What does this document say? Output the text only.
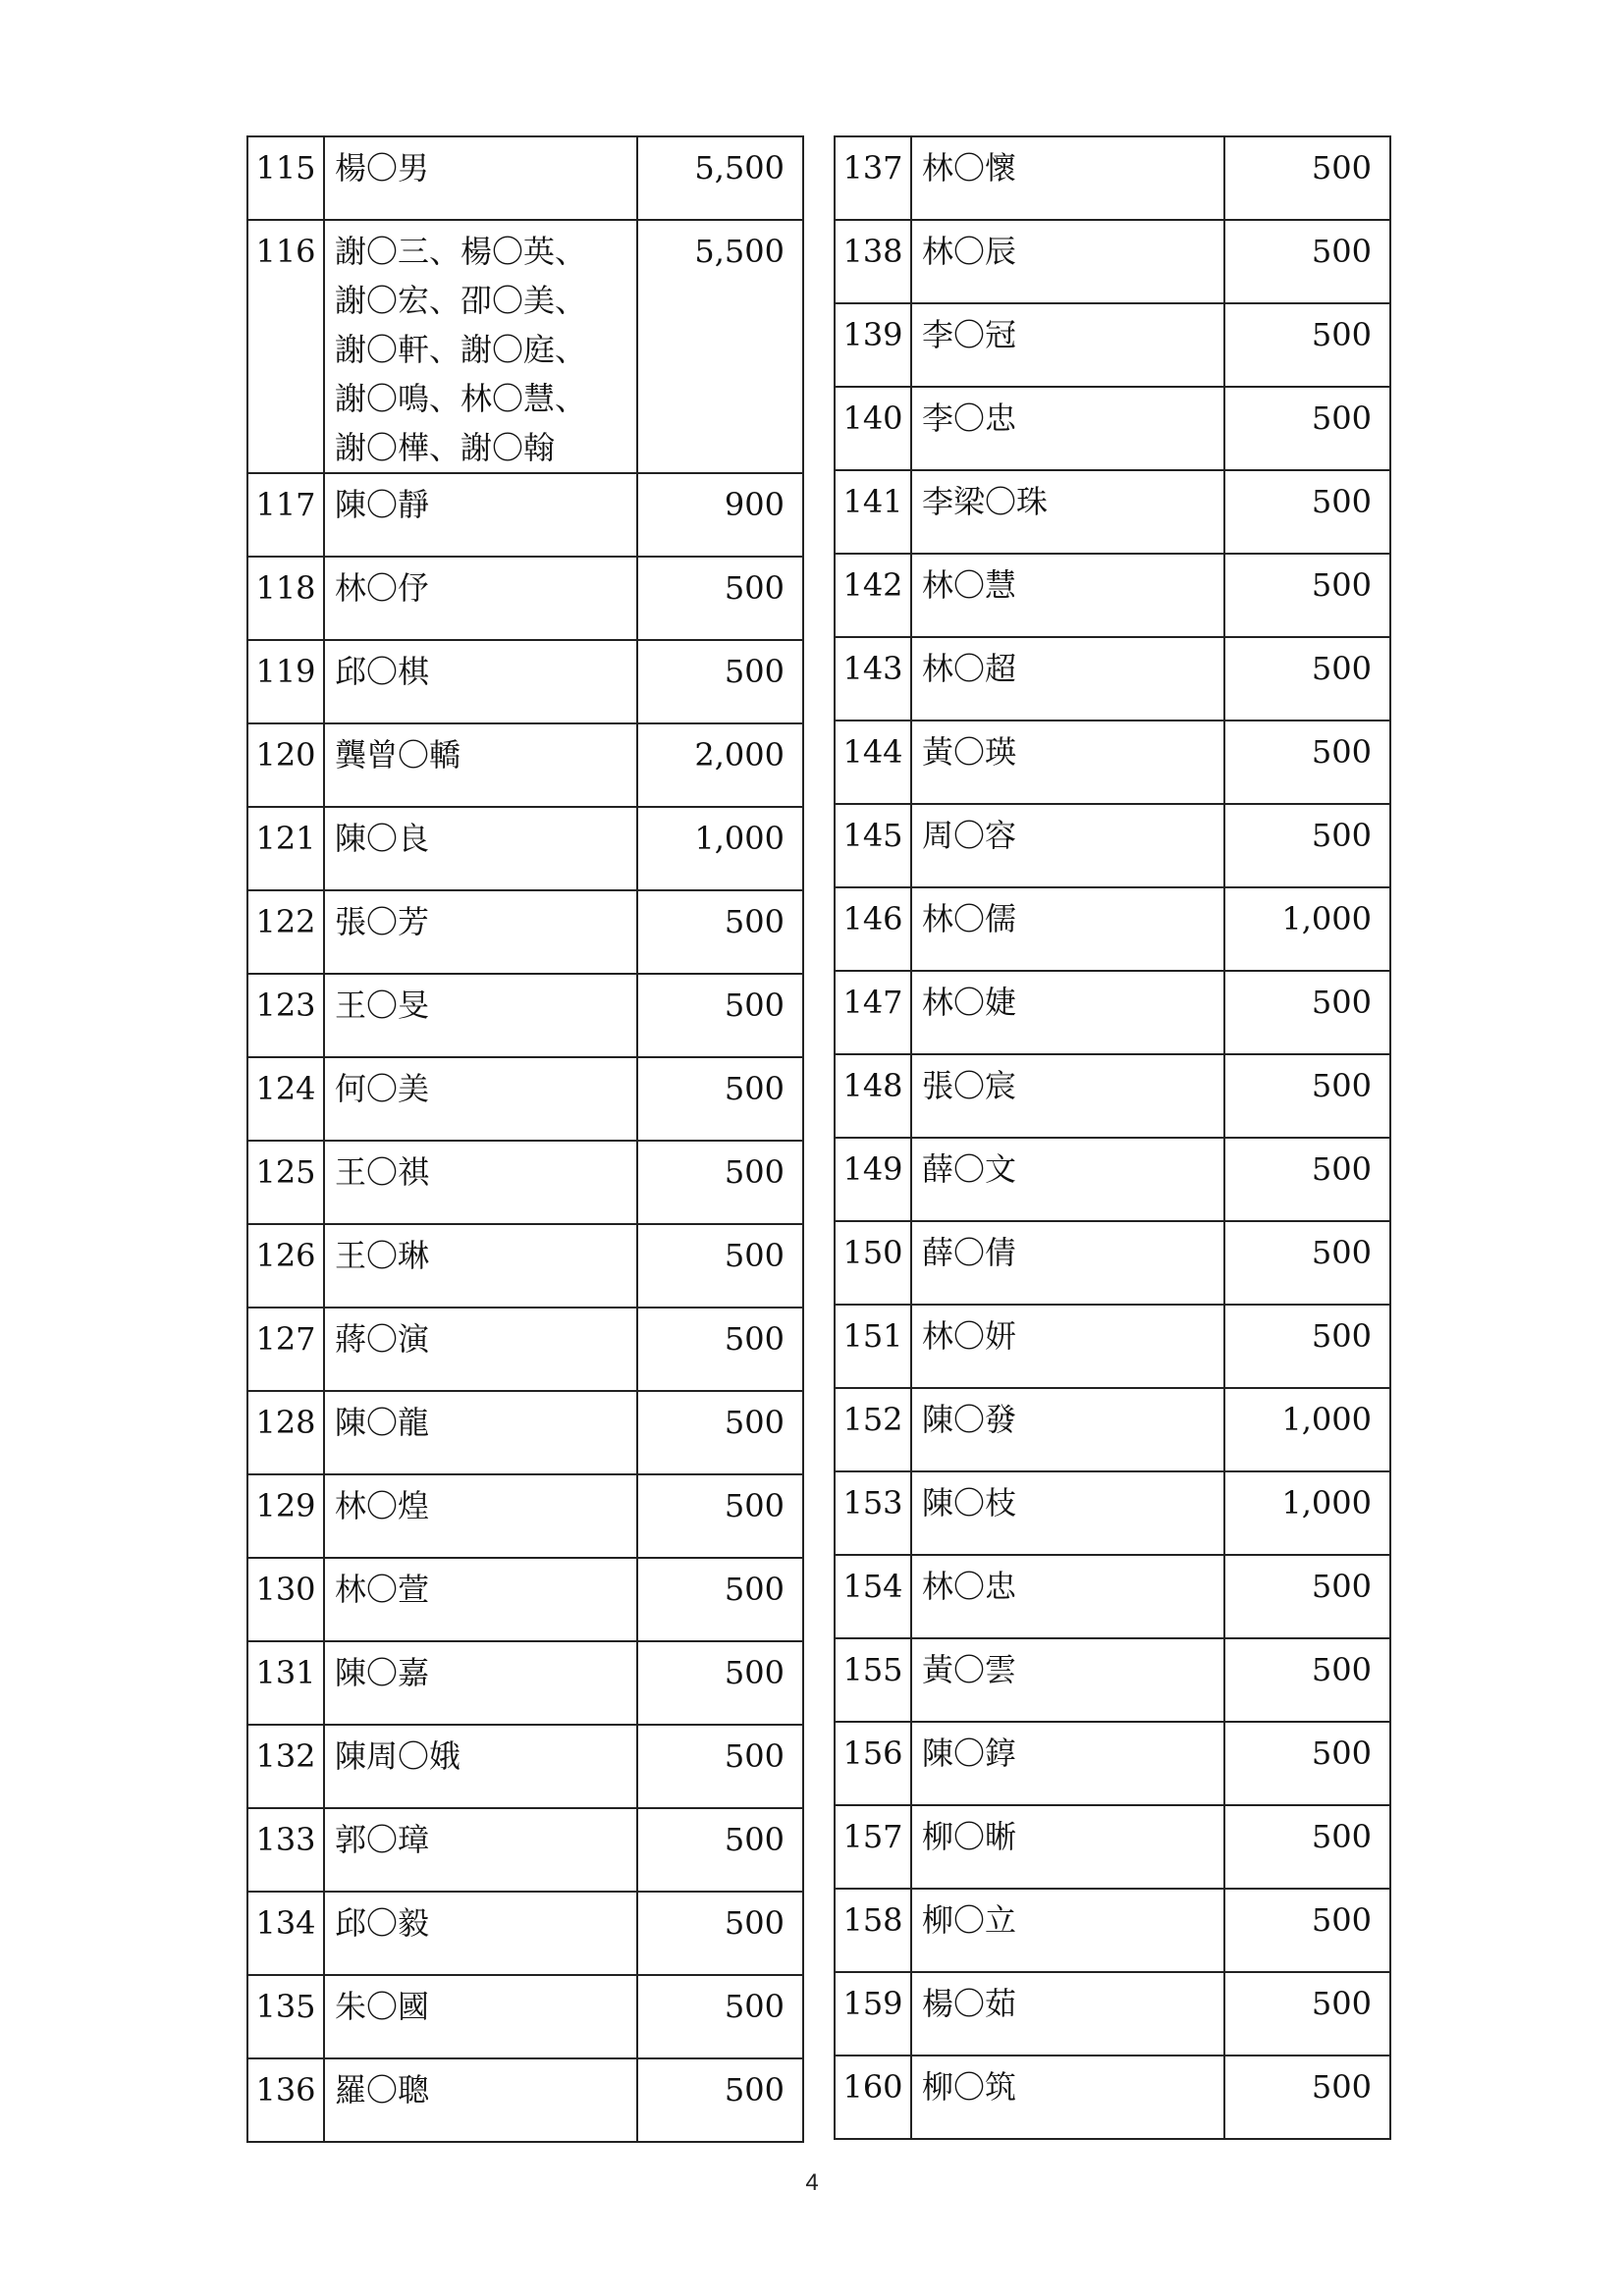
115	楊〇男	5,500
116	謝〇三、楊〇英、
謝〇宏、卲〇美、
謝〇軒、謝〇庭、
謝〇鳴、林〇慧、
謝〇樺、謝〇翰	5,500
117	陳〇靜	900
118	林〇伃	500
119	邱〇棋	500
120	龔曾〇轎	2,000
121	陳〇良	1,000
122	張〇芳	500
123	王〇旻	500
124	何〇美	500
125	王〇祺	500
126	王〇琳	500
127	蔣〇演	500
128	陳〇龍	500
129	林〇煌	500
130	林〇萱	500
131	陳〇嘉	500
132	陳周〇娥	500
133	郭〇璋	500
134	邱〇毅	500
135	朱〇國	500
136	羅〇聰	500
137	林〇懷	500
138	林〇辰	500
139	李〇冠	500
140	李〇忠	500
141	李梁〇珠	500
142	林〇慧	500
143	林〇超	500
144	黃〇瑛	500
145	周〇容	500
146	林〇儒	1,000
147	林〇婕	500
148	張〇宸	500
149	薛〇文	500
150	薛〇倩	500
151	林〇妍	500
152	陳〇發	1,000
153	陳〇枝	1,000
154	林〇忠	500
155	黃〇雲	500
156	陳〇錞	500
157	柳〇晰	500
158	柳〇立	500
159	楊〇茹	500
160	柳〇筑	500
4
